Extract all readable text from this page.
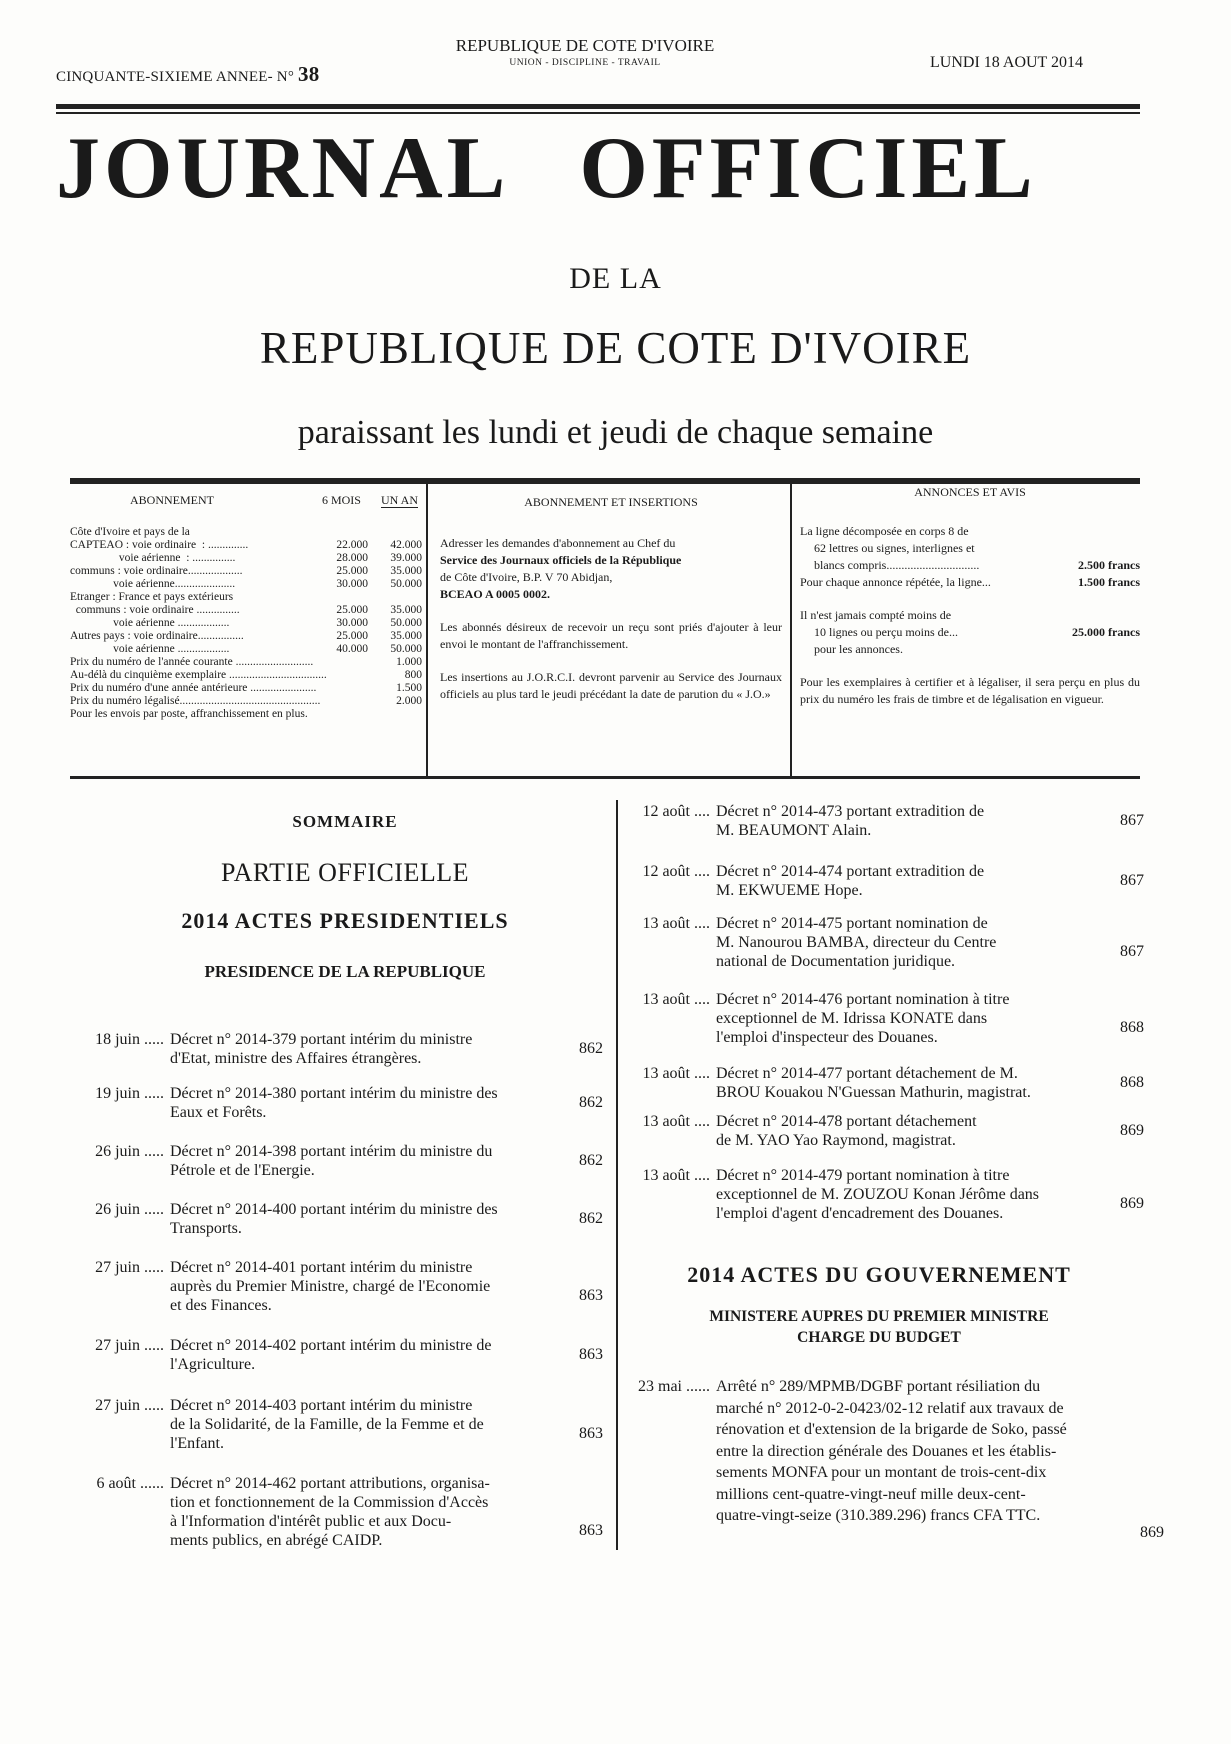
CINQUANTE-SIXIEME ANNEE- N° 38
REPUBLIQUE DE COTE D'IVOIRE
UNION - DISCIPLINE - TRAVAIL	LUNDI 18 AOUT 2014
JOURNAL OFFICIEL
DE LA
REPUBLIQUE DE COTE D'IVOIRE
paraissant les lundi et jeudi de chaque semaine
ABONNEMENT	6 MOIS UN AN
Côte d'Ivoire et pays de la
CAPTEAO : voie ordinaire  : ..............	22.000	42.000
voie aérienne  : ...............	28.000	39.000
communs : voie ordinaire...................	25.000	35.000
voie aérienne.....................	30.000	50.000
Etranger : France et pays extérieurs
communs : voie ordinaire ...............	25.000	35.000
voie aérienne ..................	30.000	50.000
Autres pays : voie ordinaire................	25.000	35.000
voie aérienne ..................	40.000	50.000
Prix du numéro de l'année courante ...........................	1.000
Au-délà du cinquième exemplaire ..................................	800
Prix du numéro d'une année antérieure .......................	1.500
Prix du numéro légalisé.................................................	2.000
Pour les envois par poste, affranchissement en plus.
ABONNEMENT ET INSERTIONS

Adresser les demandes d'abonnement au Chef du
Service des Journaux officiels de la République
de Côte d'Ivoire, B.P. V 70 Abidjan,
BCEAO A 0005 0002.

Les abonnés désireux de recevoir un reçu sont priés d'ajouter à leur envoi le montant de l'affranchissement.

Les insertions au J.O.R.C.I. devront parvenir au Service des Journaux officiels au plus tard le jeudi précédant la date de parution du « J.O.»

ANNONCES ET AVIS
La ligne décomposée en corps 8 de
62 lettres ou signes, interlignes et
blancs compris...............................	2.500 francs
Pour chaque annonce répétée, la ligne...	1.500 francs
Il n'est jamais compté moins de
10 lignes ou perçu moins de...	25.000 francs
pour les annonces.
Pour les exemplaires à certifier et à légaliser, il sera perçu en plus du prix du numéro les frais de timbre et de légalisation en vigueur.
SOMMAIRE
PARTIE OFFICIELLE
2014 ACTES PRESIDENTIELS
PRESIDENCE DE LA REPUBLIQUE
18 juin ..... Décret n° 2014-379 portant intérim du ministre
d'Etat, ministre des Affaires étrangères.
862
19 juin ..... Décret n° 2014-380 portant intérim du ministre des
Eaux et Forêts.
862
26 juin ..... Décret n° 2014-398 portant intérim du ministre du
Pétrole et de l'Energie.
862
26 juin ..... Décret n° 2014-400 portant intérim du ministre des
Transports.
862
27 juin ..... Décret n° 2014-401 portant intérim du ministre
auprès du Premier Ministre, chargé de l'Economie
et des Finances.
863
27 juin ..... Décret n° 2014-402 portant intérim du ministre de
l'Agriculture.
863
27 juin ..... Décret n° 2014-403 portant intérim du ministre
de la Solidarité, de la Famille, de la Femme et de
l'Enfant.
863
6 août ...... Décret n° 2014-462 portant attributions, organisa-
tion et fonctionnement de la Commission d'Accès
à l'Information d'intérêt public et aux Docu-
ments publics, en abrégé CAIDP.
863
12 août .... Décret n° 2014-473 portant extradition de
M. BEAUMONT Alain.
867
12 août .... Décret n° 2014-474 portant extradition de
M. EKWUEME Hope.
867
13 août .... Décret n° 2014-475 portant nomination de
M. Nanourou BAMBA, directeur du Centre
national de Documentation juridique.
867
13 août .... Décret n° 2014-476 portant nomination à titre
exceptionnel de M. Idrissa KONATE dans
l'emploi d'inspecteur des Douanes.
868
13 août .... Décret n° 2014-477 portant détachement de M.
BROU Kouakou N'Guessan Mathurin, magistrat.
868
13 août .... Décret n° 2014-478 portant détachement
de M. YAO Yao Raymond, magistrat.
869
13 août .... Décret n° 2014-479 portant nomination à titre
exceptionnel de M. ZOUZOU Konan Jérôme dans
l'emploi d'agent d'encadrement des Douanes.
869
2014 ACTES DU GOUVERNEMENT
MINISTERE AUPRES DU PREMIER MINISTRE
CHARGE DU BUDGET
23 mai ...... Arrêté n° 289/MPMB/DGBF portant résiliation du
marché n° 2012-0-2-0423/02-12 relatif aux travaux de
rénovation et d'extension de la brigarde de Soko, passé
entre la direction générale des Douanes et les établis-
sements MONFA pour un montant de trois-cent-dix
millions cent-quatre-vingt-neuf mille deux-cent-
quatre-vingt-seize (310.389.296) francs CFA TTC.
869
